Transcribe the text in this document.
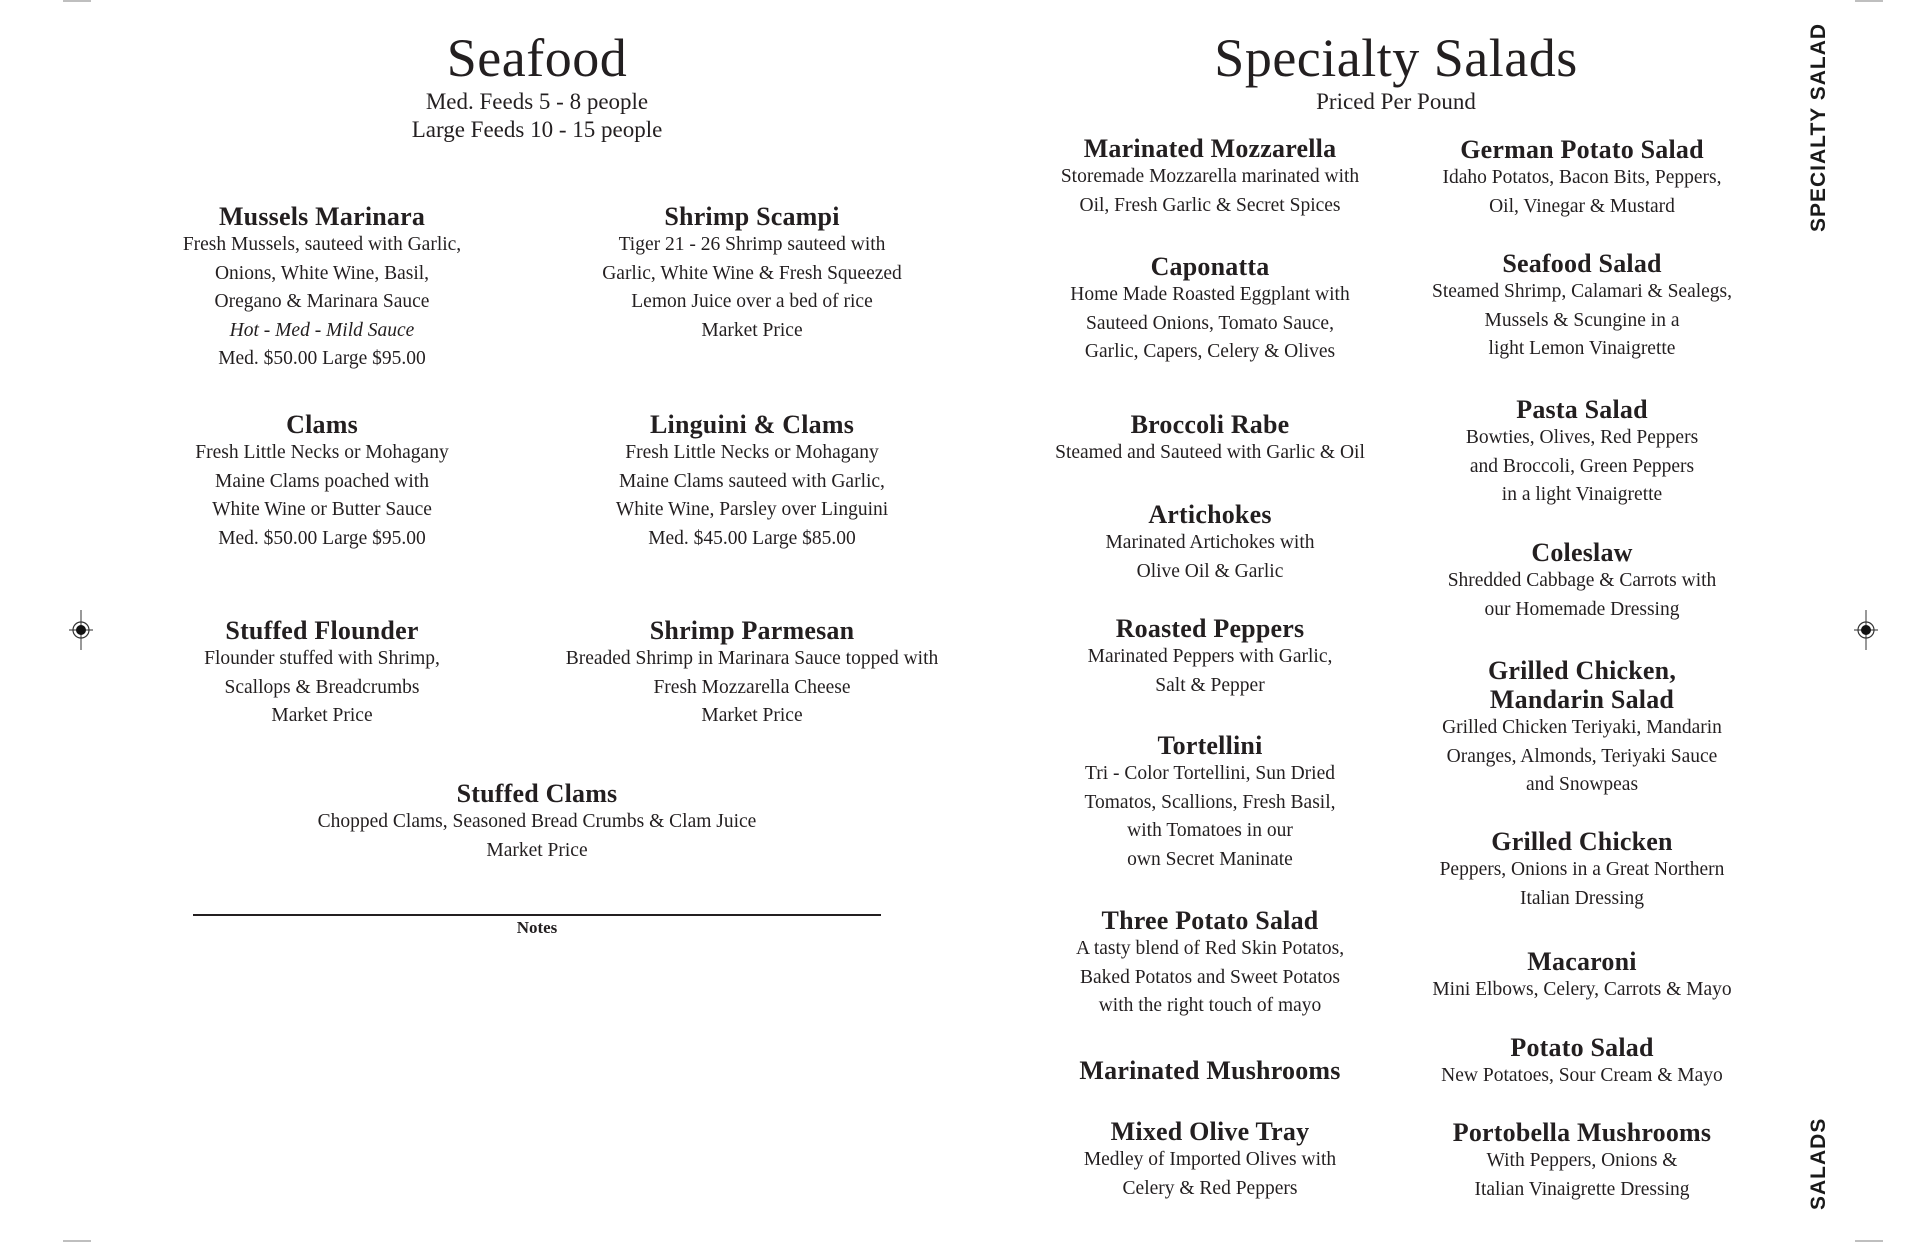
Seafood
Med. Feeds 5 - 8 people
Large Feeds 10 - 15 people
Mussels Marinara
Fresh Mussels, sauteed with Garlic,
Onions, White Wine, Basil,
Oregano & Marinara Sauce
Hot - Med - Mild Sauce
Med. $50.00 Large $95.00
Shrimp Scampi
Tiger 21 - 26 Shrimp sauteed with
Garlic, White Wine & Fresh Squeezed
Lemon Juice over a bed of rice
Market Price
Clams
Fresh Little Necks or Mohagany
Maine Clams poached with
White Wine or Butter Sauce
Med. $50.00 Large $95.00
Linguini & Clams
Fresh Little Necks or Mohagany
Maine Clams sauteed with Garlic,
White Wine, Parsley over Linguini
Med. $45.00 Large $85.00
Stuffed Flounder
Flounder stuffed with Shrimp,
Scallops & Breadcrumbs
Market Price
Shrimp Parmesan
Breaded Shrimp in Marinara Sauce topped with
Fresh Mozzarella Cheese
Market Price
Stuffed Clams
Chopped Clams, Seasoned Bread Crumbs & Clam Juice
Market Price
Notes
Specialty Salads
Priced Per Pound
Marinated Mozzarella
Storemade Mozzarella marinated with
Oil, Fresh Garlic & Secret Spices
Caponatta
Home Made Roasted Eggplant with
Sauteed Onions, Tomato Sauce,
Garlic, Capers, Celery & Olives
Broccoli Rabe
Steamed and Sauteed with Garlic & Oil
Artichokes
Marinated Artichokes with
Olive Oil & Garlic
Roasted Peppers
Marinated Peppers with Garlic,
Salt & Pepper
Tortellini
Tri - Color Tortellini, Sun Dried
Tomatos, Scallions, Fresh Basil,
with Tomatoes in our
own Secret Maninate
Three Potato Salad
A tasty blend of Red Skin Potatos,
Baked Potatos and Sweet Potatos
with the right touch of mayo
Marinated Mushrooms
Mixed Olive Tray
Medley of Imported Olives with
Celery & Red Peppers
German Potato Salad
Idaho Potatos, Bacon Bits, Peppers,
Oil, Vinegar & Mustard
Seafood Salad
Steamed Shrimp, Calamari & Sealegs,
Mussels & Scungine in a
light Lemon Vinaigrette
Pasta Salad
Bowties, Olives, Red Peppers
and Broccoli, Green Peppers
in a light Vinaigrette
Coleslaw
Shredded Cabbage & Carrots with
our Homemade Dressing
Grilled Chicken,
Mandarin Salad
Grilled Chicken Teriyaki, Mandarin
Oranges, Almonds, Teriyaki Sauce
and Snowpeas
Grilled Chicken
Peppers, Onions in a Great Northern
Italian Dressing
Macaroni
Mini Elbows, Celery, Carrots & Mayo
Potato Salad
New Potatoes, Sour Cream & Mayo
Portobella Mushrooms
With Peppers, Onions &
Italian Vinaigrette Dressing
SPECIALTY SALAD
SALADS
